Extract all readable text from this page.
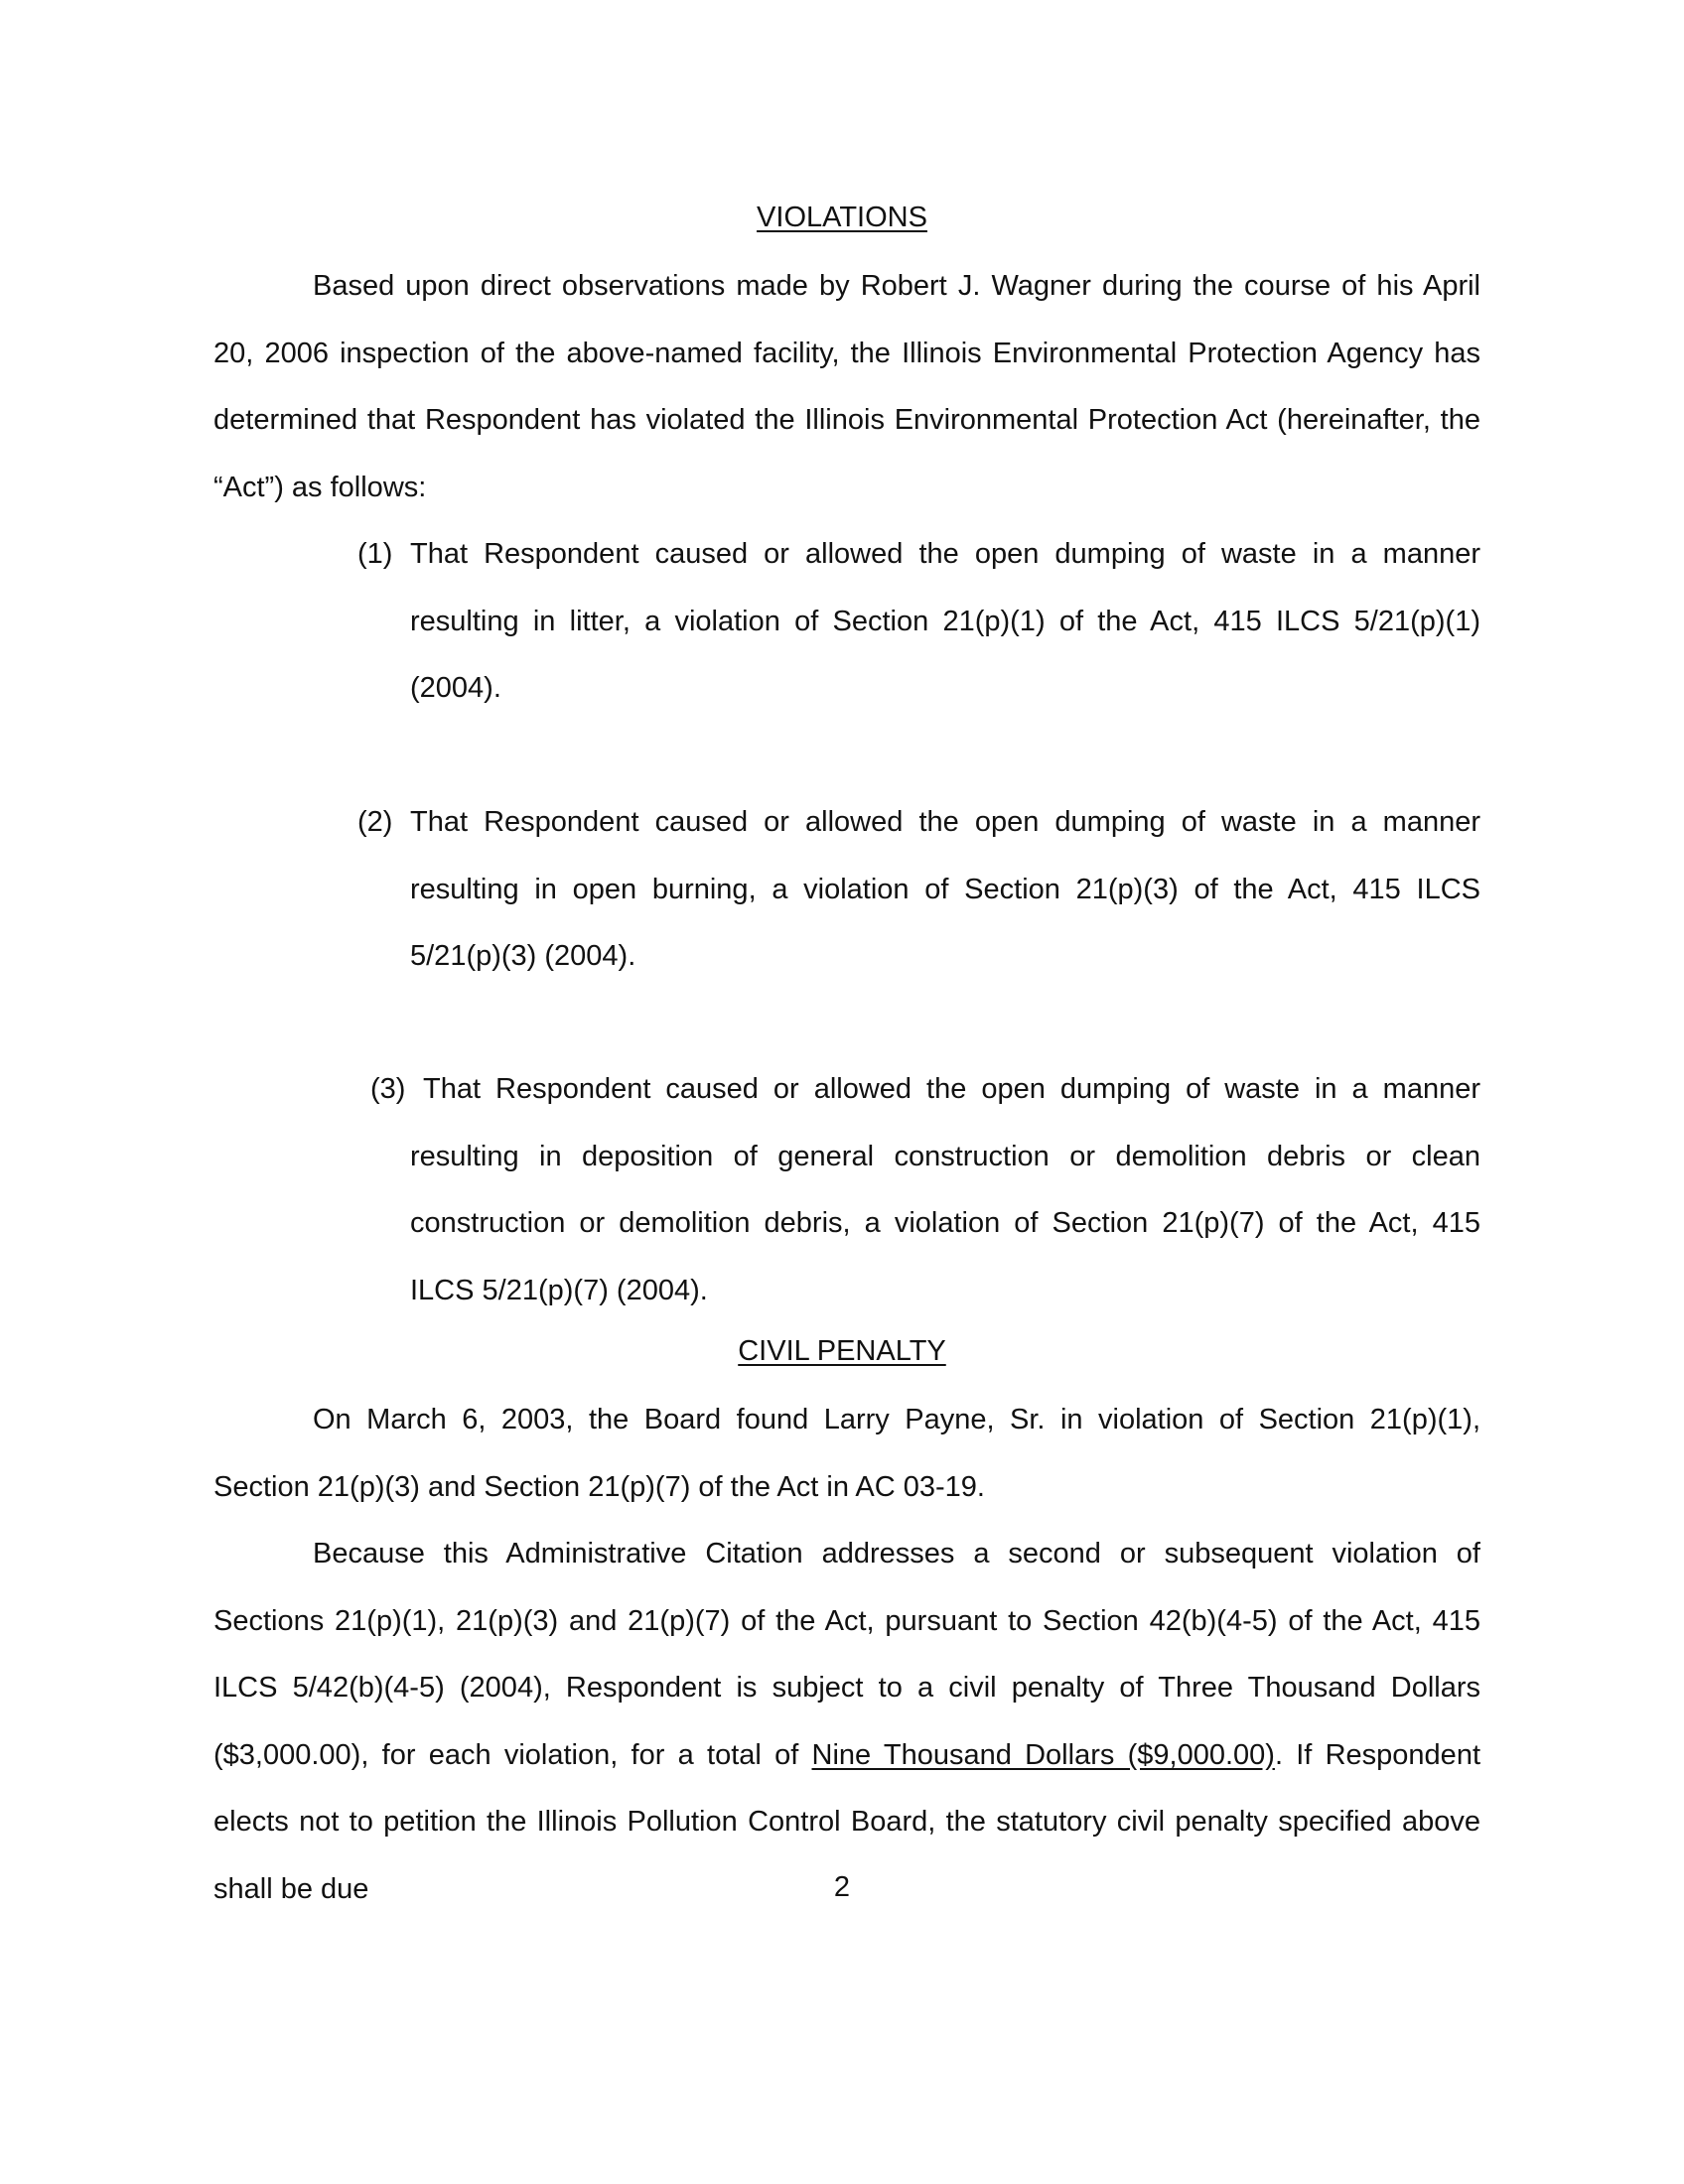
VIOLATIONS

Based upon direct observations made by Robert J. Wagner during the course of his April 20, 2006 inspection of the above-named facility, the Illinois Environmental Protection Agency has determined that Respondent has violated the Illinois Environmental Protection Act (hereinafter, the “Act”) as follows:

(1) That Respondent caused or allowed the open dumping of waste in a manner resulting in litter, a violation of Section 21(p)(1) of the Act, 415 ILCS 5/21(p)(1) (2004).
(2) That Respondent caused or allowed the open dumping of waste in a manner resulting in open burning, a violation of Section 21(p)(3) of the Act, 415 ILCS 5/21(p)(3) (2004).
(3) That Respondent caused or allowed the open dumping of waste in a manner resulting in deposition of general construction or demolition debris or clean construction or demolition debris, a violation of Section 21(p)(7) of the Act, 415 ILCS 5/21(p)(7) (2004).
CIVIL PENALTY

On March 6, 2003, the Board found Larry Payne, Sr. in violation of Section 21(p)(1), Section 21(p)(3) and Section 21(p)(7) of the Act in AC 03-19.

Because this Administrative Citation addresses a second or subsequent violation of Sections 21(p)(1), 21(p)(3) and 21(p)(7) of the Act, pursuant to Section 42(b)(4-5) of the Act, 415 ILCS 5/42(b)(4-5) (2004), Respondent is subject to a civil penalty of Three Thousand Dollars ($3,000.00), for each violation, for a total of Nine Thousand Dollars ($9,000.00). If Respondent elects not to petition the Illinois Pollution Control Board, the statutory civil penalty specified above shall be due	2
